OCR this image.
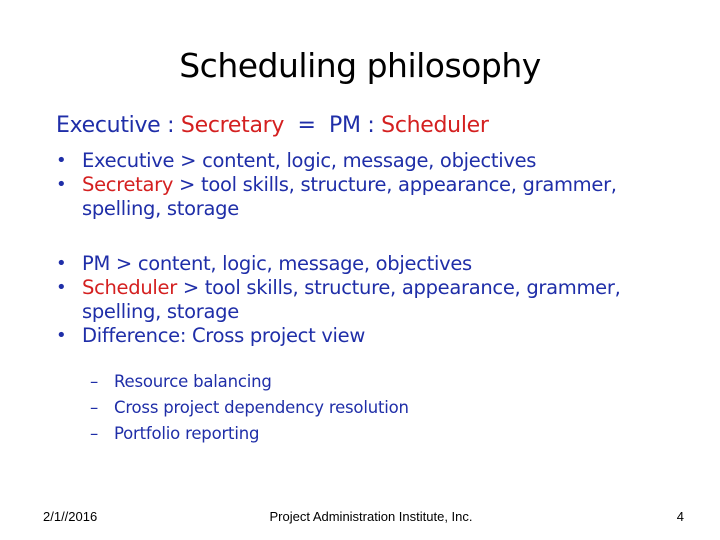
Scheduling philosophy
Executive : Secretary  =  PM : Scheduler
• Executive > content, logic, message, objectives
• Secretary > tool skills, structure, appearance, grammer, spelling, storage
• PM > content, logic, message, objectives
• Scheduler > tool skills, structure, appearance, grammer, spelling, storage
• Difference: Cross project view
– Resource balancing
– Cross project dependency resolution
– Portfolio reporting
2/1//2016	Project Administration Institute, Inc.	4
